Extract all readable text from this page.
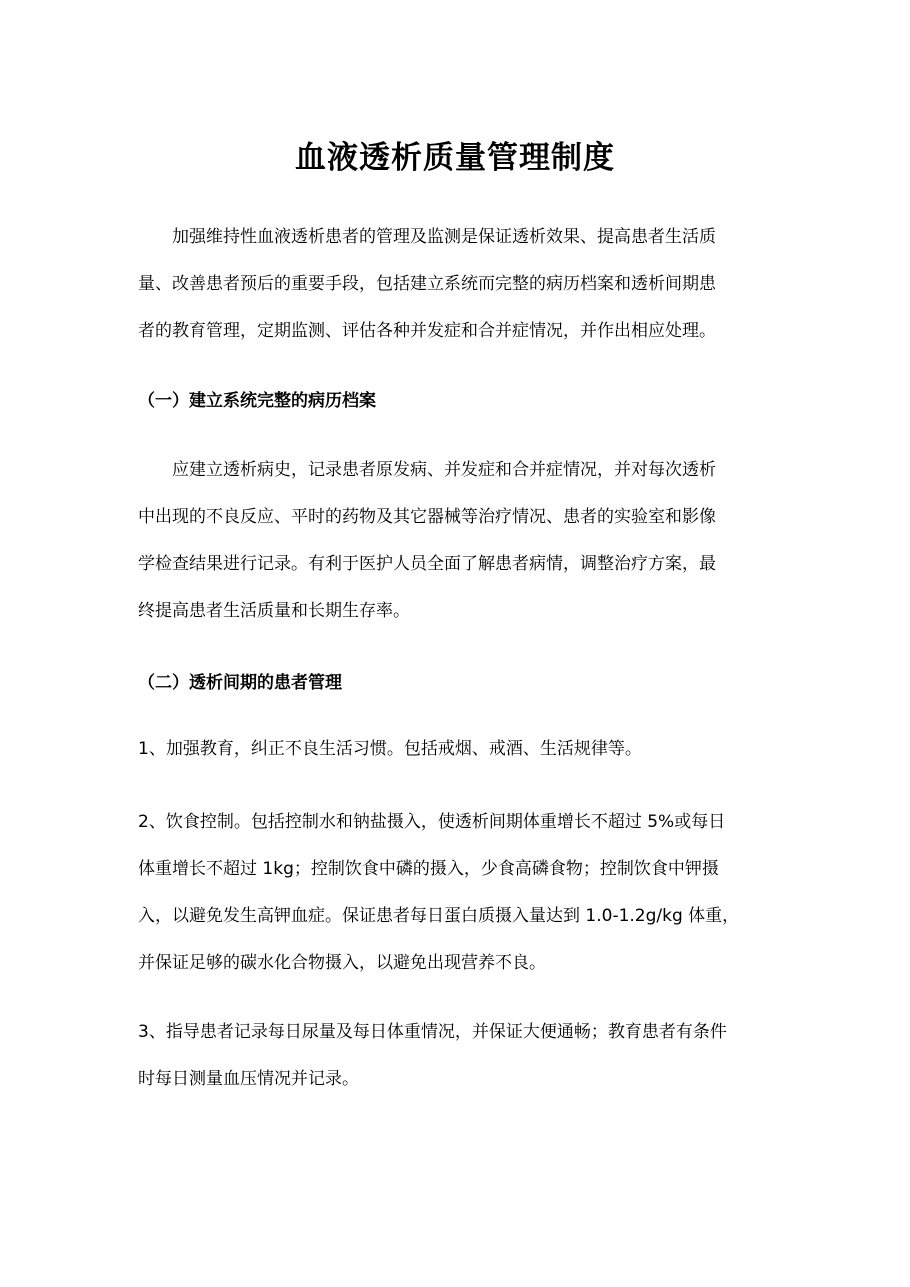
血液透析质量管理制度
加强维持性血液透析患者的管理及监测是保证透析效果、提高患者生活质
量、改善患者预后的重要手段，包括建立系统而完整的病历档案和透析间期患
者的教育管理，定期监测、评估各种并发症和合并症情况，并作出相应处理。
（一）建立系统完整的病历档案
应建立透析病史，记录患者原发病、并发症和合并症情况，并对每次透析
中出现的不良反应、平时的药物及其它器械等治疗情况、患者的实验室和影像
学检查结果进行记录。有利于医护人员全面了解患者病情，调整治疗方案，最
终提高患者生活质量和长期生存率。
（二）透析间期的患者管理
1、加强教育，纠正不良生活习惯。包括戒烟、戒酒、生活规律等。
2、饮食控制。包括控制水和钠盐摄入，使透析间期体重增长不超过 5%或每日
体重增长不超过 1kg；控制饮食中磷的摄入，少食高磷食物；控制饮食中钾摄
入，以避免发生高钾血症。保证患者每日蛋白质摄入量达到 1.0-1.2g/kg 体重，
并保证足够的碳水化合物摄入，以避免出现营养不良。
3、指导患者记录每日尿量及每日体重情况，并保证大便通畅；教育患者有条件
时每日测量血压情况并记录。
